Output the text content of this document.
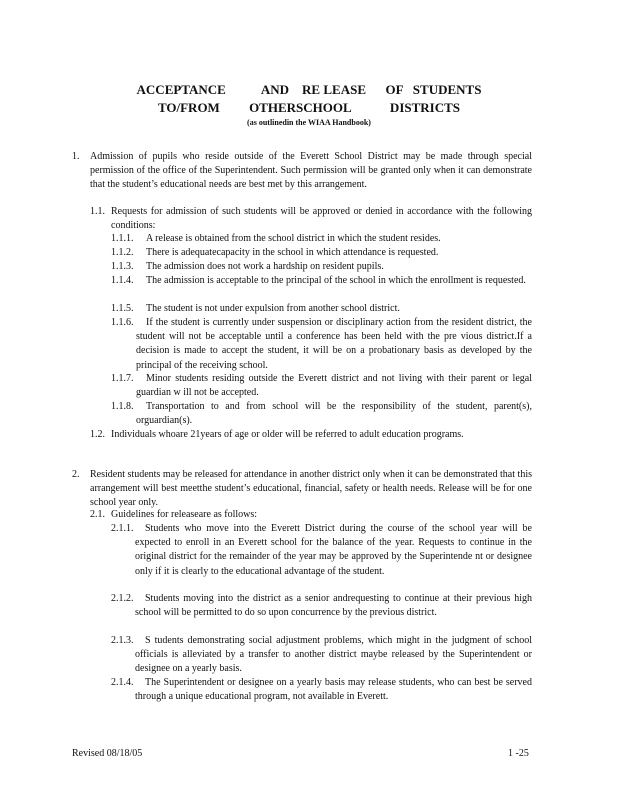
ACCEPTANCE           AND    RE LEASE      OF   STUDENTS
TO/FROM         OTHERSCHOOL            DISTRICTS
(as outlinedin the WIAA Handbook)
1. Admission of pupils who reside outside of the Everett School District may be made through special permission of the office of the Superintendent. Such permission will be granted only when it can demonstrate that the student’s educational needs are best met by this arrangement.
1.1. Requests for admission of such students will be approved or denied in accordance with the following conditions:
1.1.1. A release is obtained from the school district in which the student resides.
1.1.2. There is adequatecapacity in the school in which attendance is requested.
1.1.3. The admission does not work a hardship on resident pupils.
1.1.4.	The admission is acceptable to the principal of the school in which the enrollment is requested.
1.1.5. The student is not under expulsion from another school district.
1.1.6.	If the student is currently under suspension or disciplinary action from the resident district, the student will not be acceptable until a conference has been held with the pre vious district.If a decision is made to accept the student, it will be on a probationary basis as developed by the principal of the receiving school.
1.1.7.	Minor students residing outside the Everett district and not living with their parent or legal guardian w ill not be accepted.
1.1.8.	Transportation to and from school will be the responsibility of the student, parent(s), orguardian(s).
1.2. Individuals whoare 21years of age or older will be referred to adult education programs.
2. Resident students may be released for attendance in another district only when it can be demonstrated that this arrangement will best meetthe student’s educational, financial, safety or health needs. Release will be for one school year only.
2.1. Guidelines for releaseare as follows:
2.1.1.	Students who move into the Everett District during the course of the school year will be expected to enroll in an Everett school for the balance of the year. Requests to continue in the original district for the remainder of the year may be approved by the Superintende nt or designee only if it is clearly to the educational advantage of the student.
2.1.2.	Students moving into the district as a senior andrequesting to continue at their previous high school will be permitted to do so upon concurrence by the previous district.
2.1.3.	S tudents demonstrating social adjustment problems, which might in the judgment of school officials is alleviated by a transfer to another district maybe released by the Superintendent or designee on a yearly basis.
2.1.4.	The Superintendent or designee on a yearly basis may release students, who can best be served through a unique educational program, not available in Everett.
Revised 08/18/05	1 -25
